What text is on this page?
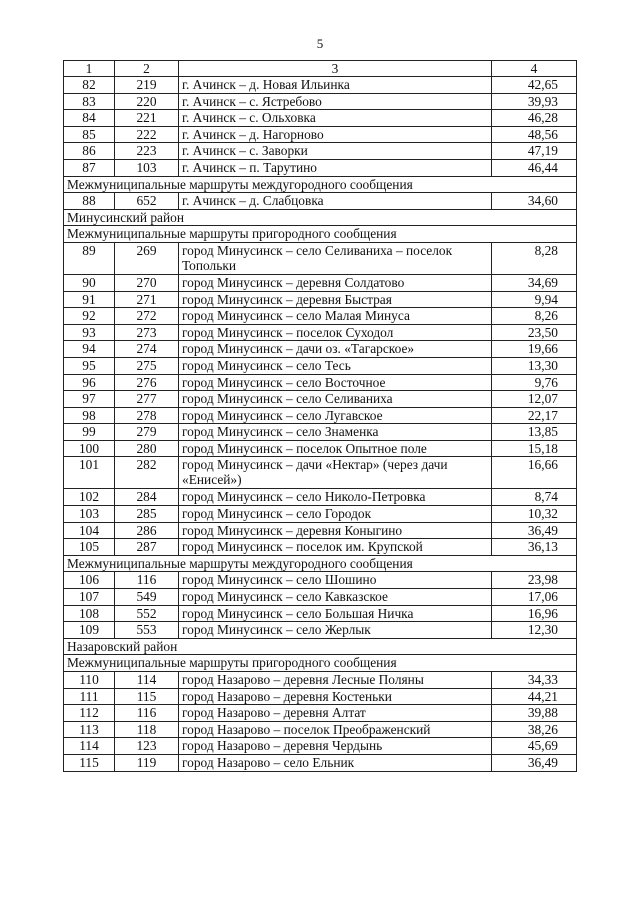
5
1	2	3	4
82	219	г. Ачинск – д. Новая Ильинка	42,65
83	220	г. Ачинск – с. Ястребово	39,93
84	221	г. Ачинск – с. Ольховка	46,28
85	222	г. Ачинск – д. Нагорново	48,56
86	223	г. Ачинск – с. Заворки	47,19
87	103	г. Ачинск – п. Тарутино	46,44
Межмуниципальные маршруты междугородного сообщения			
88	652	г. Ачинск – д. Слабцовка	34,60
Минусинский район			
Межмуниципальные маршруты пригородного сообщения			
89	269	город Минусинск – село Селиваниха – поселок Топольки	8,28
90	270	город Минусинск – деревня Солдатово	34,69
91	271	город Минусинск – деревня Быстрая	9,94
92	272	город Минусинск – село Малая Минуса	8,26
93	273	город Минусинск – поселок Суходол	23,50
94	274	город Минусинск – дачи оз. «Тагарское»	19,66
95	275	город Минусинск – село Тесь	13,30
96	276	город Минусинск – село Восточное	9,76
97	277	город Минусинск – село Селиваниха	12,07
98	278	город Минусинск – село Лугавское	22,17
99	279	город Минусинск – село Знаменка	13,85
100	280	город Минусинск – поселок Опытное поле	15,18
101	282	город Минусинск – дачи «Нектар» (через дачи «Енисей»)	16,66
102	284	город Минусинск – село Николо-Петровка	8,74
103	285	город Минусинск – село Городок	10,32
104	286	город Минусинск – деревня Коныгино	36,49
105	287	город Минусинск – поселок им. Крупской	36,13
Межмуниципальные маршруты междугородного сообщения			
106	116	город Минусинск – село Шошино	23,98
107	549	город Минусинск – село Кавказское	17,06
108	552	город Минусинск – село Большая Ничка	16,96
109	553	город Минусинск – село Жерлык	12,30
Назаровский район			
Межмуниципальные маршруты пригородного сообщения			
110	114	город Назарово – деревня Лесные Поляны	34,33
111	115	город Назарово – деревня Костеньки	44,21
112	116	город Назарово – деревня Алтат	39,88
113	118	город Назарово – поселок Преображенский	38,26
114	123	город Назарово – деревня Чердынь	45,69
115	119	город Назарово – село Ельник	36,49
